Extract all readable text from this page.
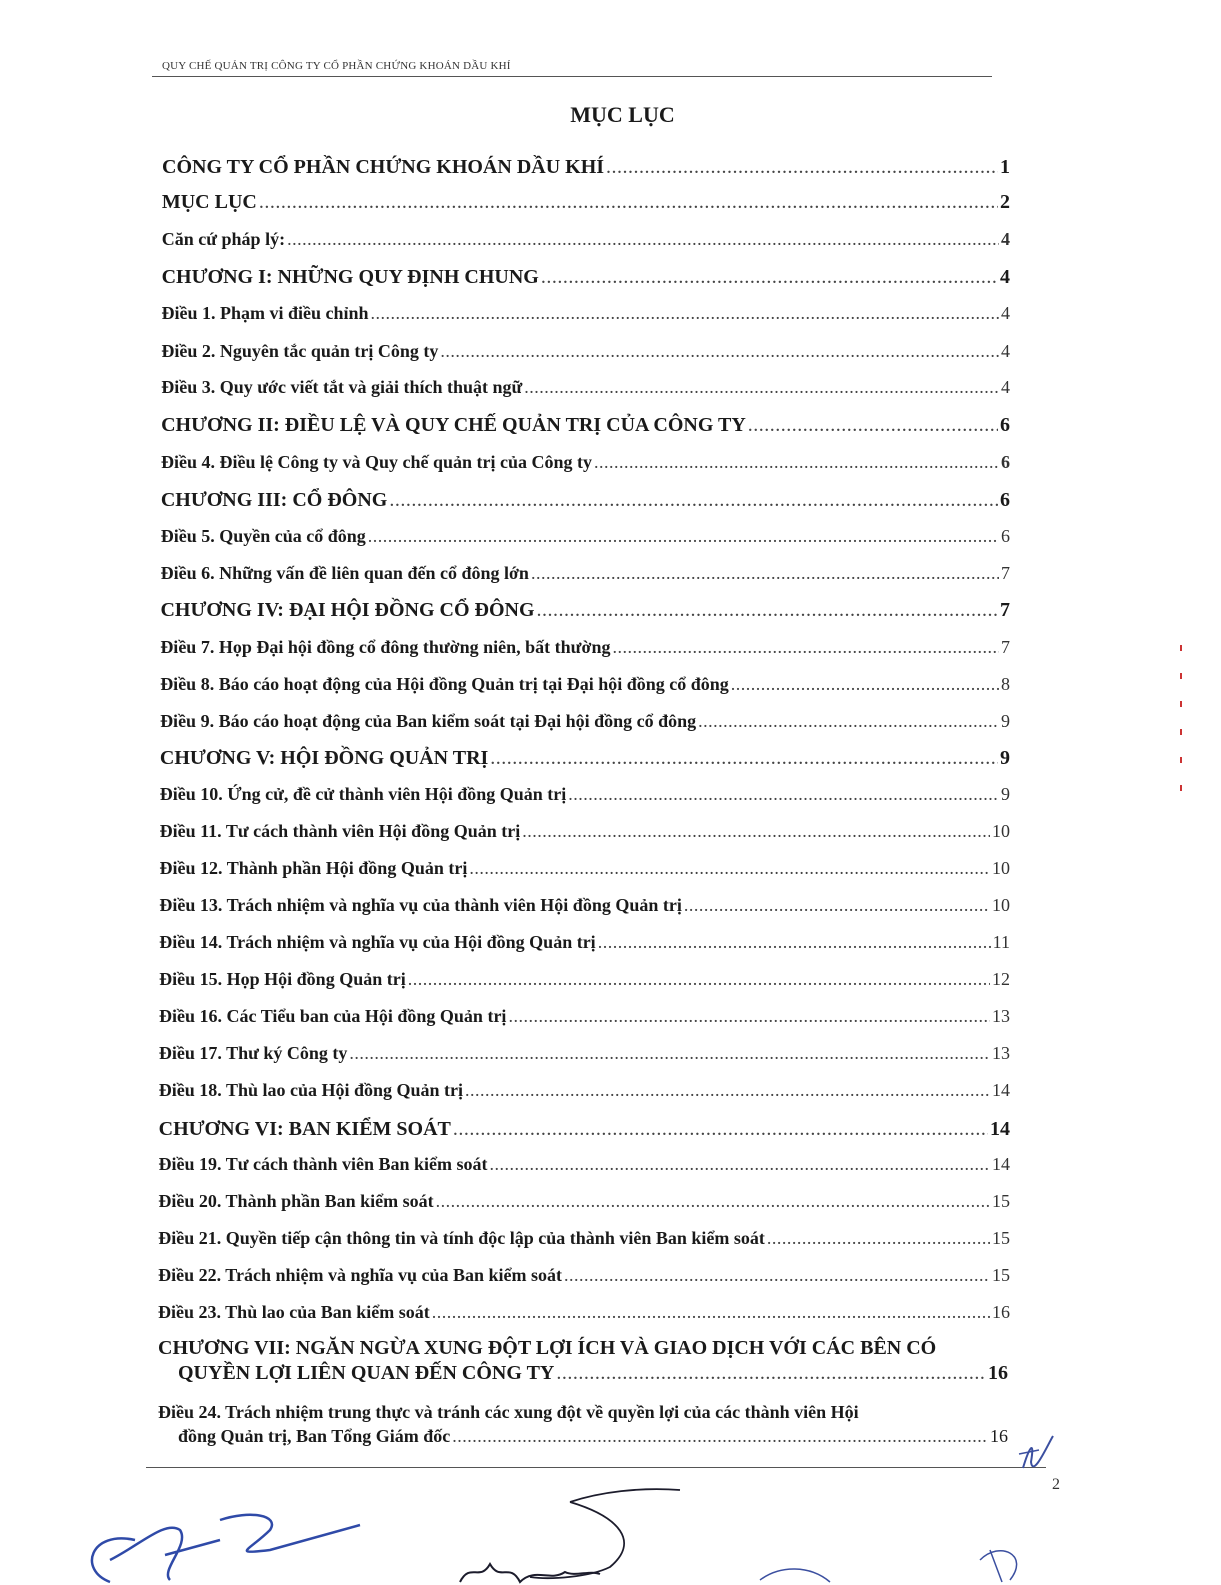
QUY CHẾ QUẢN TRỊ CÔNG TY CỔ PHẦN CHỨNG KHOÁN DẦU KHÍ
MỤC LỤC
CÔNG TY CỔ PHẦN CHỨNG KHOÁN DẦU KHÍ .....	1
MỤC LỤC .....	2
Căn cứ pháp lý: .....	4
CHƯƠNG I: NHỮNG QUY ĐỊNH CHUNG .....	4
Điều 1. Phạm vi điều chỉnh .....	4
Điều 2. Nguyên tắc quản trị Công ty .....	4
Điều 3. Quy ước viết tắt và giải thích thuật ngữ .....	4
CHƯƠNG II: ĐIỀU LỆ VÀ QUY CHẾ QUẢN TRỊ CỦA CÔNG TY .....	6
Điều 4. Điều lệ Công ty và Quy chế quản trị của Công ty .....	6
CHƯƠNG III: CỔ ĐÔNG .....	6
Điều 5. Quyền của cổ đông .....	6
Điều 6. Những vấn đề liên quan đến cổ đông lớn .....	7
CHƯƠNG IV: ĐẠI HỘI ĐỒNG CỔ ĐÔNG .....	7
Điều 7. Họp Đại hội đồng cổ đông thường niên, bất thường .....	7
Điều 8. Báo cáo hoạt động của Hội đồng Quản trị tại Đại hội đồng cổ đông .....	8
Điều 9. Báo cáo hoạt động của Ban kiểm soát tại Đại hội đồng cổ đông .....	9
CHƯƠNG V: HỘI ĐỒNG QUẢN TRỊ .....	9
Điều 10. Ứng cử, đề cử thành viên Hội đồng Quản trị .....	9
Điều 11. Tư cách thành viên Hội đồng Quản trị .....	10
Điều 12. Thành phần Hội đồng Quản trị .....	10
Điều 13. Trách nhiệm và nghĩa vụ của thành viên Hội đồng Quản trị .....	10
Điều 14. Trách nhiệm và nghĩa vụ của Hội đồng Quản trị .....	11
Điều 15. Họp Hội đồng Quản trị .....	12
Điều 16. Các Tiểu ban của Hội đồng Quản trị .....	13
Điều 17. Thư ký Công ty .....	13
Điều 18. Thù lao của Hội đồng Quản trị .....	14
CHƯƠNG VI: BAN KIỂM SOÁT .....	14
Điều 19. Tư cách thành viên Ban kiểm soát .....	14
Điều 20. Thành phần Ban kiểm soát .....	15
Điều 21. Quyền tiếp cận thông tin và tính độc lập của thành viên Ban kiểm soát .....	15
Điều 22. Trách nhiệm và nghĩa vụ của Ban kiểm soát .....	15
Điều 23. Thù lao của Ban kiểm soát .....	16
CHƯƠNG VII: NGĂN NGỪA XUNG ĐỘT LỢI ÍCH VÀ GIAO DỊCH VỚI CÁC BÊN CÓ
QUYỀN LỢI LIÊN QUAN ĐẾN CÔNG TY .....	16
Điều 24. Trách nhiệm trung thực và tránh các xung đột về quyền lợi của các thành viên Hội
đồng Quản trị, Ban Tổng Giám đốc .....	16
2
